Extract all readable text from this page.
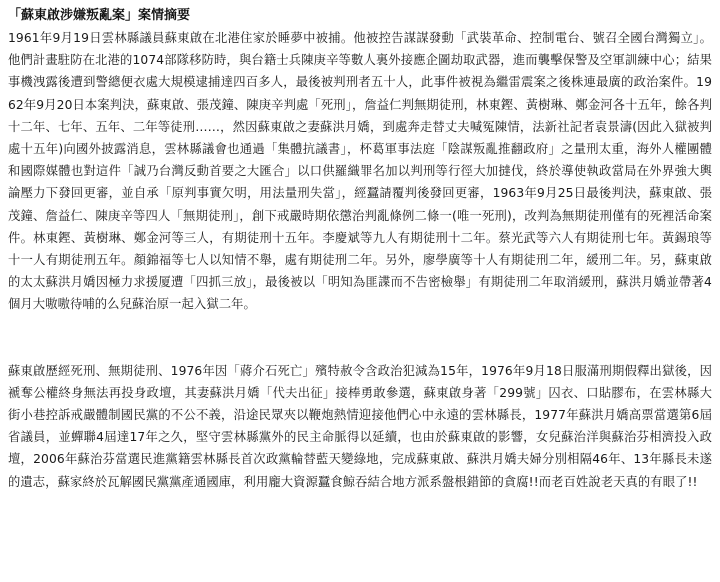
「蘇東啟涉嫌叛亂案」案情摘要

1961年9月19日雲林縣議員蘇東啟在北港住家於睡夢中被捕。他被控告謀謀發動「武裝革命、控制電台、號召全國台灣獨立」。他們計畫駐防在北港的1074部隊移防時，與台籍士兵陳庚辛等數人裏外接應企圖劫取武器，進而襲擊保警及空軍訓練中心；結果事機洩露後遭到警總便衣處大規模逮捕達四百多人，最後被判刑者五十人，此事件被視為繼雷震案之後株連最廣的政治案件。1962年9月20日本案判決，蘇東啟、張茂鐘、陳庚辛判處「死刑」，詹益仁判無期徒刑，林東鏗、黃樹琳、鄭金河各十五年，餘各判十二年、七年、五年、二年等徒刑……，然因蘇東啟之妻蘇洪月嬌，到處奔走替丈夫喊冤陳情，法新社記者袁景濤(因此入獄被判處十五年)向國外披露消息，雲林縣議會也通過「集體抗議書」，杯葛軍事法庭「陰謀叛亂推翻政府」之量刑太重，海外人權團體和國際媒體也對這件「誠乃台灣反動首要之大匯合」以口供羅織罪名加以判刑等行徑大加撻伐，終於導使執政當局在外界強大輿論壓力下發回更審，並自承「原判事實欠明，用法量刑失當」，經蠶請覆判後發回更審，1963年9月25日最後判決，蘇東啟、張茂鐘、詹益仁、陳庚辛等四人「無期徒刑」，創下戒嚴時期依懲治判亂條例二條一(唯一死刑)，改判為無期徒刑僅有的死裡活命案件。林東鏗、黃樹琳、鄭金河等三人，有期徒刑十五年。李慶斌等九人有期徒刑十二年。蔡光武等六人有期徒刑七年。黃錫琅等十一人有期徒刑五年。顏錦福等七人以知情不舉，處有期徒刑二年。另外，廖學廣等十人有期徒刑二年，緩刑二年。另，蘇東啟的太太蘇洪月嬌因極力求援厦遭「四抓三放」，最後被以「明知為匪諜而不告密檢舉」有期徒刑二年取消緩刑，蘇洪月嬌並帶著4個月大嗷嗷待哺的么兒蘇治原一起入獄二年。

蘇東啟歷經死刑、無期徒刑、1976年因「蔣介石死亡」殯特赦令含政治犯減為15年，1976年9月18日服滿刑期假釋出獄後，因褫奪公權終身無法再投身政壇，其妻蘇洪月嬌「代夫出征」接棒勇敢參選，蘇東啟身著「299號」囚衣、口貼膠布，在雲林縣大街小巷控訴戒嚴體制國民黨的不公不義，沿途民眾夾以鞭炮熱情迎接他們心中永遠的雲林縣長，1977年蘇洪月嬌高票當選第6屆省議員，並蟬聯4屆達17年之久，堅守雲林縣黨外的民主命脈得以延續，也由於蘇東啟的影響，女兒蘇治洋與蘇治芬相濟投入政壇，2006年蘇治芬當選民進黨籍雲林縣長首次政黨輪替藍天變綠地，完成蘇東啟、蘇洪月嬌夫婦分別相隔46年、13年縣長未遂的遺志，蘇家終於瓦解國民黨黨產通國庫，利用龐大資源蠶食鯨吞結合地方派系盤根錯節的貪腐!!而老百姓說老天真的有眼了!!
